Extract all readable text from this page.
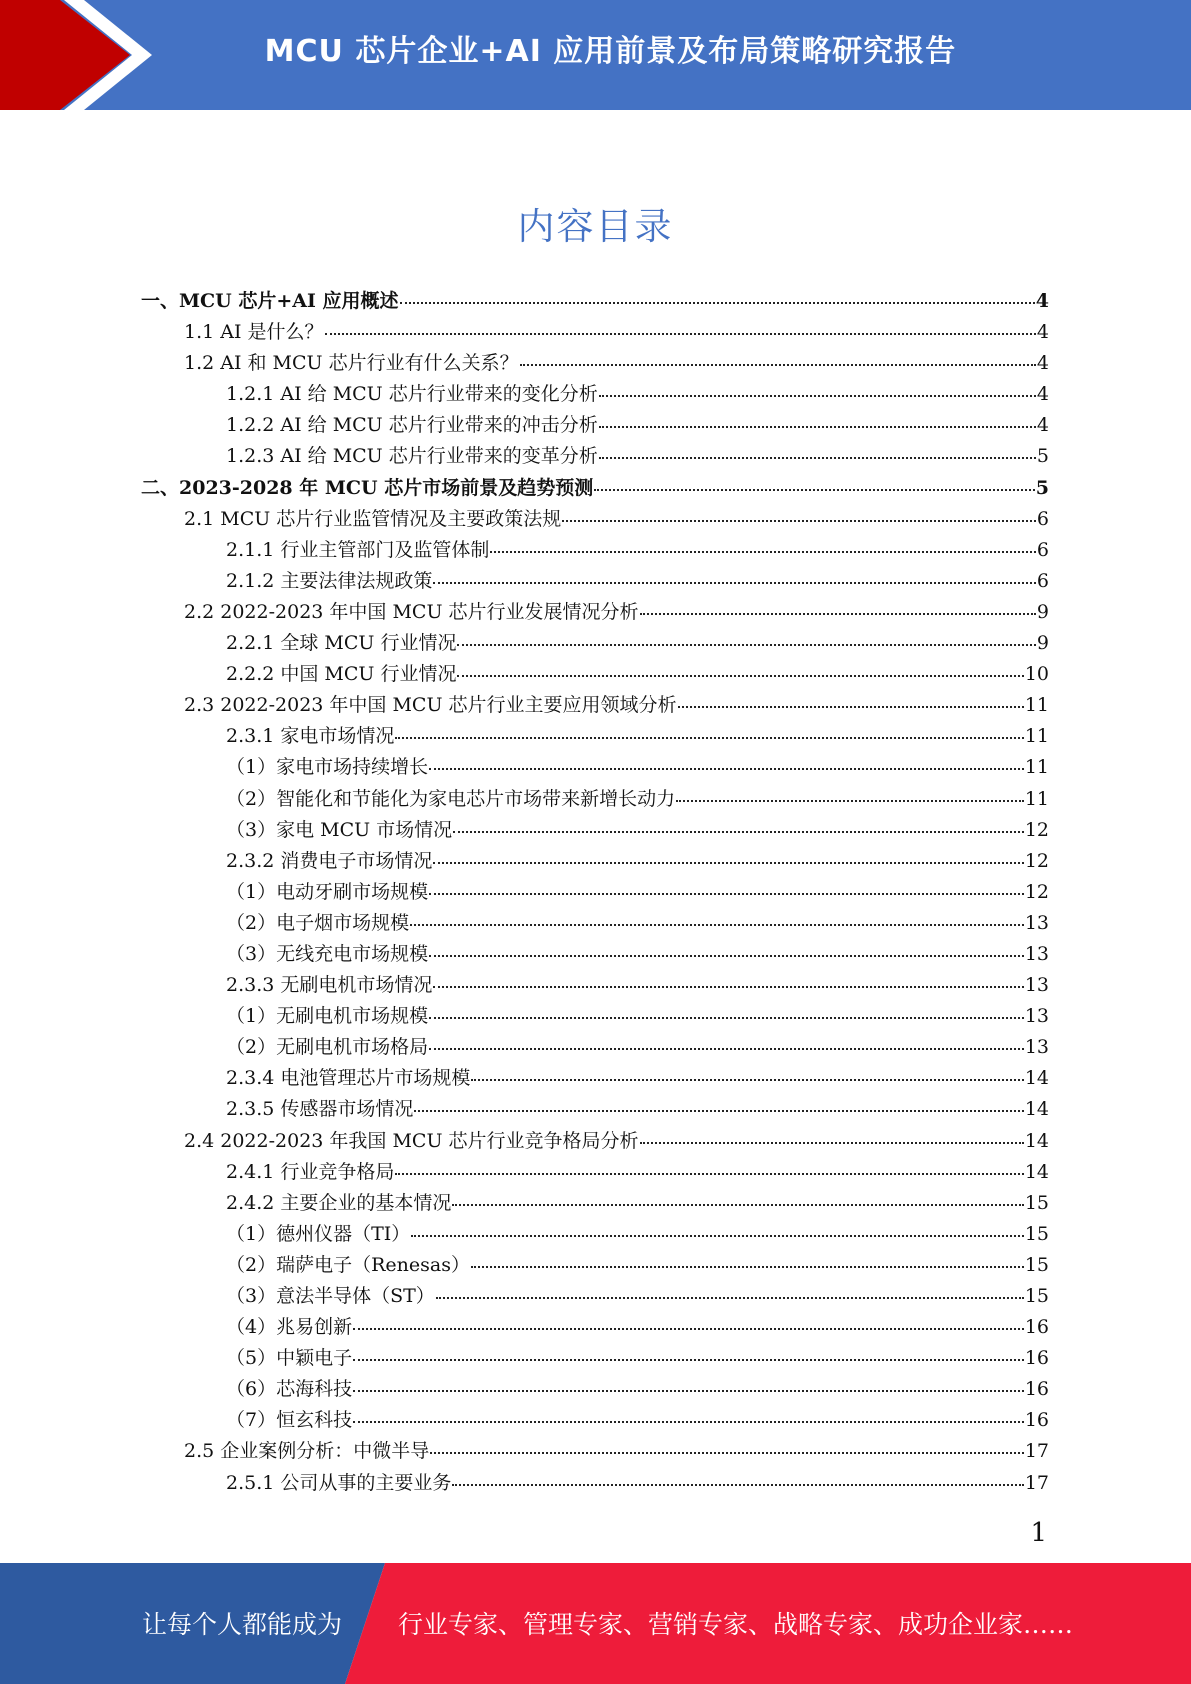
MCU 芯片企业+AI 应用前景及布局策略研究报告
内容目录
一、MCU 芯片+AI 应用概述	4
1.1 AI 是什么？	4
1.2 AI 和 MCU 芯片行业有什么关系？	4
1.2.1 AI 给 MCU 芯片行业带来的变化分析	4
1.2.2 AI 给 MCU 芯片行业带来的冲击分析	4
1.2.3 AI 给 MCU 芯片行业带来的变革分析	5
二、2023-2028 年 MCU 芯片市场前景及趋势预测	5
2.1 MCU 芯片行业监管情况及主要政策法规	6
2.1.1 行业主管部门及监管体制	6
2.1.2 主要法律法规政策	6
2.2 2022-2023 年中国 MCU 芯片行业发展情况分析	9
2.2.1 全球 MCU 行业情况	9
2.2.2 中国 MCU 行业情况	10
2.3 2022-2023 年中国 MCU 芯片行业主要应用领域分析	11
2.3.1 家电市场情况	11
（1）家电市场持续增长	11
（2）智能化和节能化为家电芯片市场带来新增长动力	11
（3）家电 MCU 市场情况	12
2.3.2 消费电子市场情况	12
（1）电动牙刷市场规模	12
（2）电子烟市场规模	13
（3）无线充电市场规模	13
2.3.3 无刷电机市场情况	13
（1）无刷电机市场规模	13
（2）无刷电机市场格局	13
2.3.4 电池管理芯片市场规模	14
2.3.5 传感器市场情况	14
2.4 2022-2023 年我国 MCU 芯片行业竞争格局分析	14
2.4.1 行业竞争格局	14
2.4.2 主要企业的基本情况	15
（1）德州仪器（TI）	15
（2）瑞萨电子（Renesas）	15
（3）意法半导体（ST）	15
（4）兆易创新	16
（5）中颖电子	16
（6）芯海科技	16
（7）恒玄科技	16
2.5 企业案例分析：中微半导	17
2.5.1 公司从事的主要业务	17
1
让每个人都能成为 行业专家、管理专家、营销专家、战略专家、成功企业家……
